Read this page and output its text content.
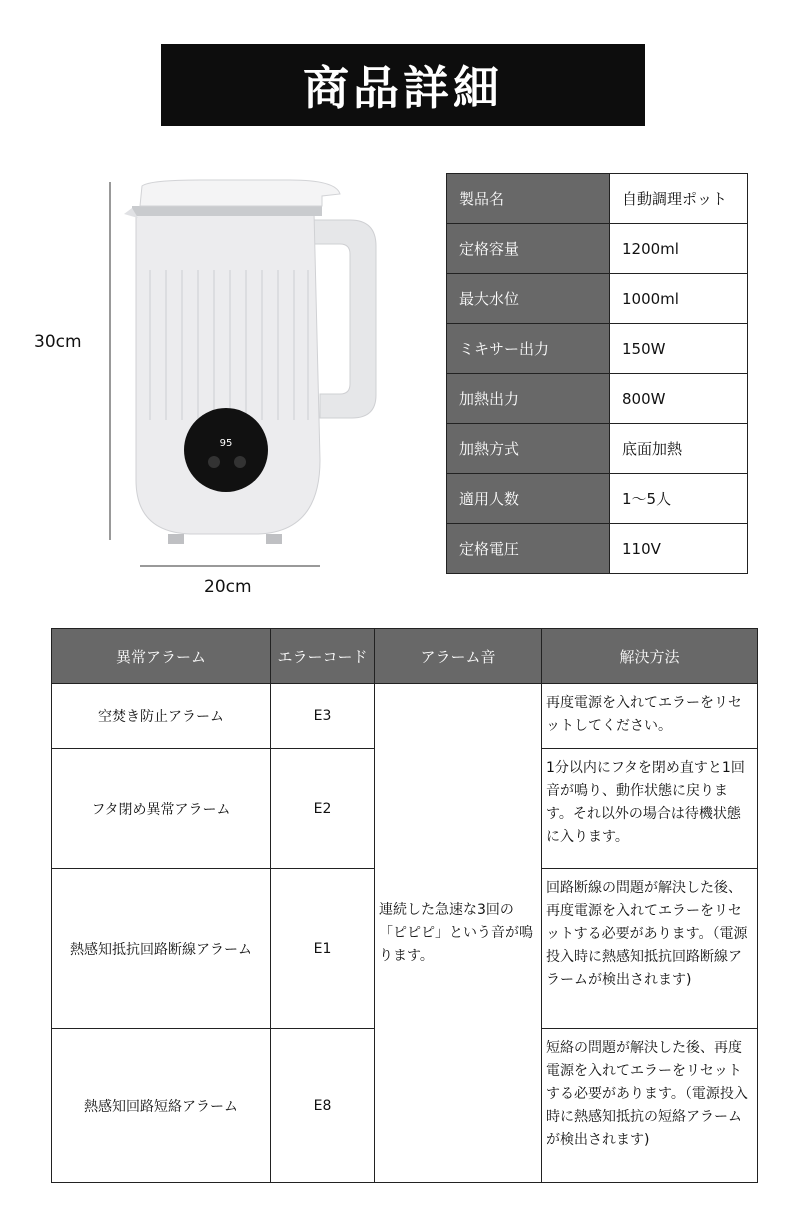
商品詳細
95
30cm
20cm
製品名	自動調理ポット
定格容量	1200ml
最大水位	1000ml
ミキサー出力	150W
加熱出力	800W
加熱方式	底面加熱
適用人数	1～5人
定格電圧	110V
異常アラーム	エラーコード	アラーム音	解決方法
空焚き防止アラーム	E3	連続した急速な3回の「ピピピ」という音が鳴ります。	再度電源を入れてエラーをリセットしてください。
フタ閉め異常アラーム	E2		1分以内にフタを閉め直すと1回音が鳴り、動作状態に戻ります。それ以外の場合は待機状態に入ります。
熱感知抵抗回路断線アラーム	E1		回路断線の問題が解決した後、再度電源を入れてエラーをリセットする必要があります。（電源投入時に熱感知抵抗回路断線アラームが検出されます)
熱感知回路短絡アラーム	E8		短絡の問題が解決した後、再度電源を入れてエラーをリセットする必要があります。（電源投入時に熱感知抵抗の短絡アラームが検出されます)
